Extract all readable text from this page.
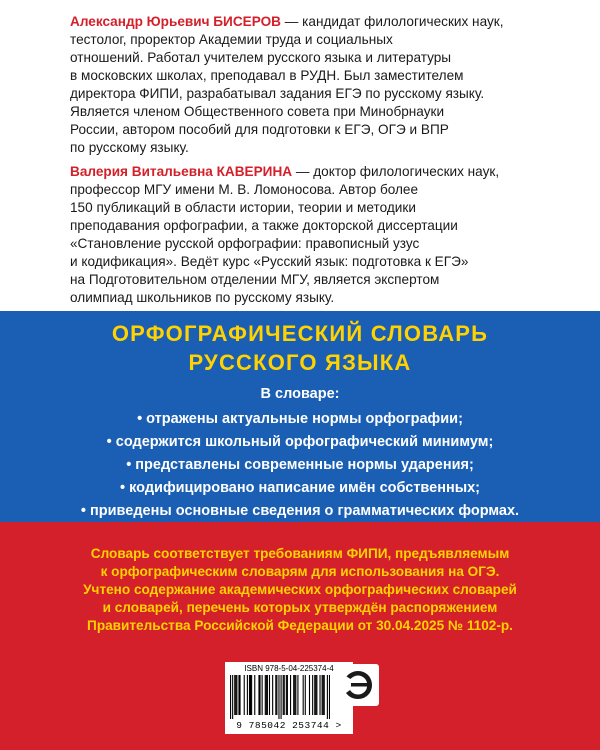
Александр Юрьевич БИСЕРОВ — кандидат филологических наук,
тестолог, проректор Академии труда и социальных
отношений. Работал учителем русского языка и литературы
в московских школах, преподавал в РУДН. Был заместителем
директора ФИПИ, разрабатывал задания ЕГЭ по русскому языку.
Является членом Общественного совета при Минобрнауки
России, автором пособий для подготовки к ЕГЭ, ОГЭ и ВПР
по русскому языку.
Валерия Витальевна КАВЕРИНА — доктор филологических наук,
профессор МГУ имени М. В. Ломоносова. Автор более
150 публикаций в области истории, теории и методики
преподавания орфографии, а также докторской диссертации
«Становление русской орфографии: правописный узус
и кодификация». Ведёт курс «Русский язык: подготовка к ЕГЭ»
на Подготовительном отделении МГУ, является экспертом
олимпиад школьников по русскому языку.
ОРФОГРАФИЧЕСКИЙ СЛОВАРЬ
РУССКОГО ЯЗЫКА
В словаре:
• отражены актуальные нормы орфографии;
• содержится школьный орфографический минимум;
• представлены современные нормы ударения;
• кодифицировано написание имён собственных;
• приведены основные сведения о грамматических формах.
Словарь соответствует требованиям ФИПИ, предъявляемым
к орфографическим словарям для использования на ОГЭ.
Учтено содержание академических орфографических словарей
и словарей, перечень которых утверждён распоряжением
Правительства Российской Федерации от 30.04.2025 № 1102-р.
ISBN 978-5-04-225374-4
9 785042 253744 >
